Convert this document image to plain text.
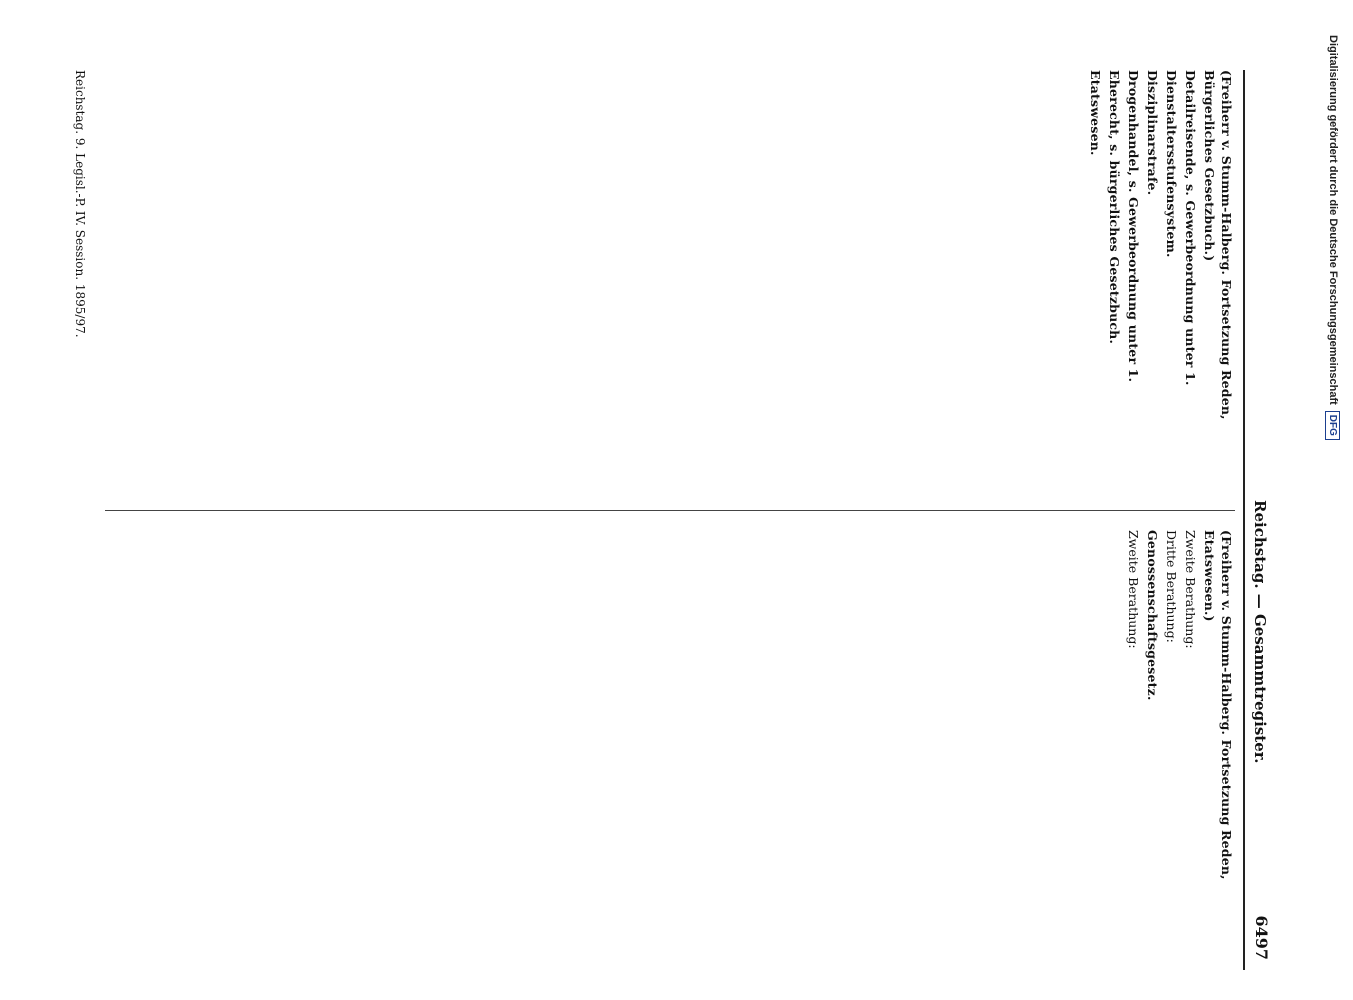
Reichstag. — Gesammtregister.
6497

(Freiherr v. Stumm-Halberg. Fortsetzung Reden, Bürgerliches Gesetzbuch.)

Detailreisende, s. Gewerbeordnung unter 1.

Dienstaltersstufensystem.

Disziplinarstrafe.

Drogenhandel, s. Gewerbeordnung unter 1.

Eherecht, s. bürgerliches Gesetzbuch.

Etatswesen.

(Freiherr v. Stumm-Halberg. Fortsetzung Reden, Etatswesen.)

Zweite Berathung:

Dritte Berathung:

Genossenschaftsgesetz.

Zweite Berathung:

Reichstag. 9. Legisl.-P. IV. Session. 1895/97.	Digitalisierung gefördert durch die Deutsche ForschungsgemeinschaftDFG
